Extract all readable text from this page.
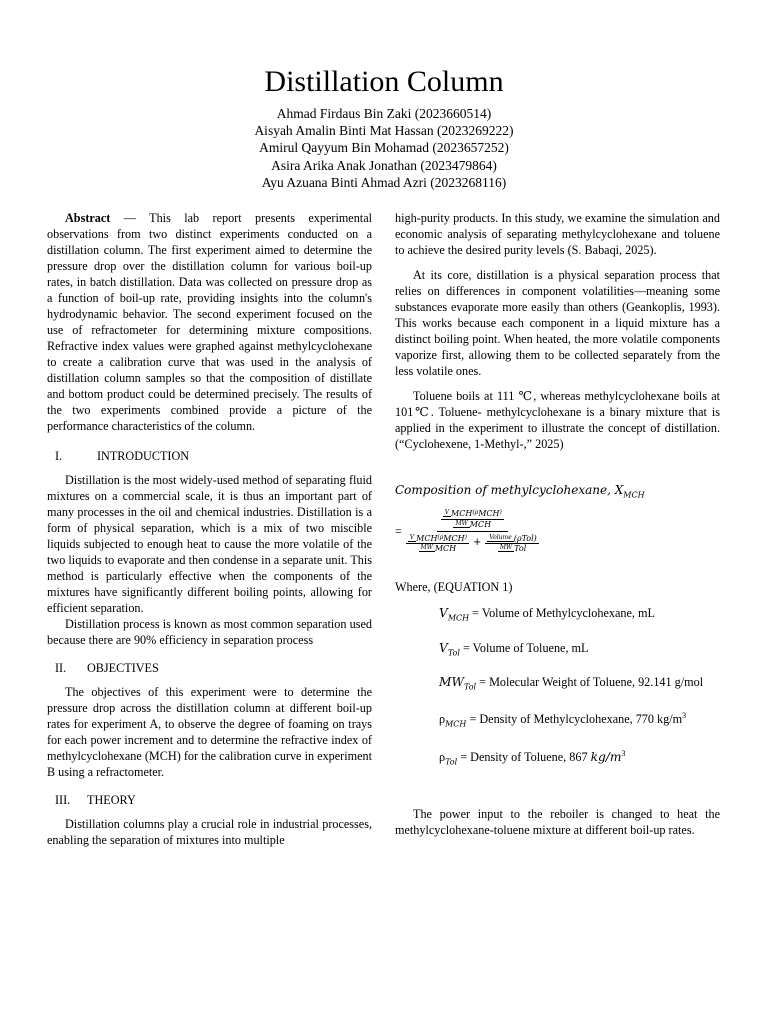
Distillation Column
Ahmad Firdaus Bin Zaki (2023660514)
Aisyah Amalin Binti Mat Hassan (2023269222)
Amirul Qayyum Bin Mohamad (2023657252)
Asira Arika Anak Jonathan (2023479864)
Ayu Azuana Binti Ahmad Azri (2023268116)

Abstract — This lab report presents experimental observations from two distinct experiments conducted on a distillation column. The first experiment aimed to determine the pressure drop over the distillation column for various boil-up rates, in batch distillation. Data was collected on pressure drop as a function of boil-up rate, providing insights into the column's hydrodynamic behavior. The second experiment focused on the use of refractometer for determining mixture compositions. Refractive index values were graphed against methylcyclohexane to create a calibration curve that was used in the analysis of distillation column samples so that the composition of distillate and bottom product could be determined precisely. The results of the two experiments combined provide a picture of the performance characteristics of the column.

I.	INTRODUCTION

Distillation is the most widely-used method of separating fluid mixtures on a commercial scale, it is thus an important part of many processes in the oil and chemical industries. Distillation is a form of physical separation, which is a mix of two miscible liquids subjected to enough heat to cause the more volatile of the two liquids to evaporate and then condense in a separate unit. This method is particularly effective when the components of the mixtures have significantly different boiling points, allowing for efficient separation.

Distillation process is known as most common separation used because there are 90% efficiency in separation process

II.	OBJECTIVES

The objectives of this experiment were to determine the pressure drop across the distillation column at different boil-up rates for experiment A, to observe the degree of foaming on trays for each power increment and to determine the refractive index of methylcyclohexane (MCH) for the calibration curve in experiment B using a refractometer.

III.	THEORY

Distillation columns play a crucial role in industrial processes, enabling the separation of mixtures into multiple

high-purity products. In this study, we examine the simulation and economic analysis of separating methylcyclohexane and toluene to achieve the desired purity levels (S. Babaqi, 2025).

At its core, distillation is a physical separation process that relies on differences in component volatilities—meaning some substances evaporate more easily than others (Geankoplis, 1993). This works because each component in a liquid mixture has a distinct boiling point. When heated, the more volatile components vaporize first, allowing them to be collected separately from the less volatile ones.

Toluene boils at 111 ℃, whereas methylcyclohexane boils at 101℃. Toluene- methylcyclohexane is a binary mixture that is applied in the experiment to illustrate the concept of distillation. (“Cyclohexene, 1-Methyl-,” 2025)

Composition of methylcyclohexane, $X_{MCH}$
=
V $_{MCH}(\rho_{MCH})$
MW $_{MCH}$
V $_{MCH}(\rho_{MCH})$
MW $_{MCH}$
+
Volume $_{(\rho Tol)}$
MW $_{Tol}$
Where, (EQUATION 1)
$V_{MCH}$ = Volume of Methylcyclohexane, mL
$V_{Tol}$ = Volume of Toluene, mL
$MW_{Tol}$ = Molecular Weight of Toluene, 92.141 g/mol
$\rho_{MCH}$ = Density of Methylcyclohexane, 770 $kg/m^3$
$\rho_{Tol}$ = Density of Toluene, 867 $kg/m^3$

The power input to the reboiler is changed to heat the methylcyclohexane-toluene mixture at different boil-up rates.
